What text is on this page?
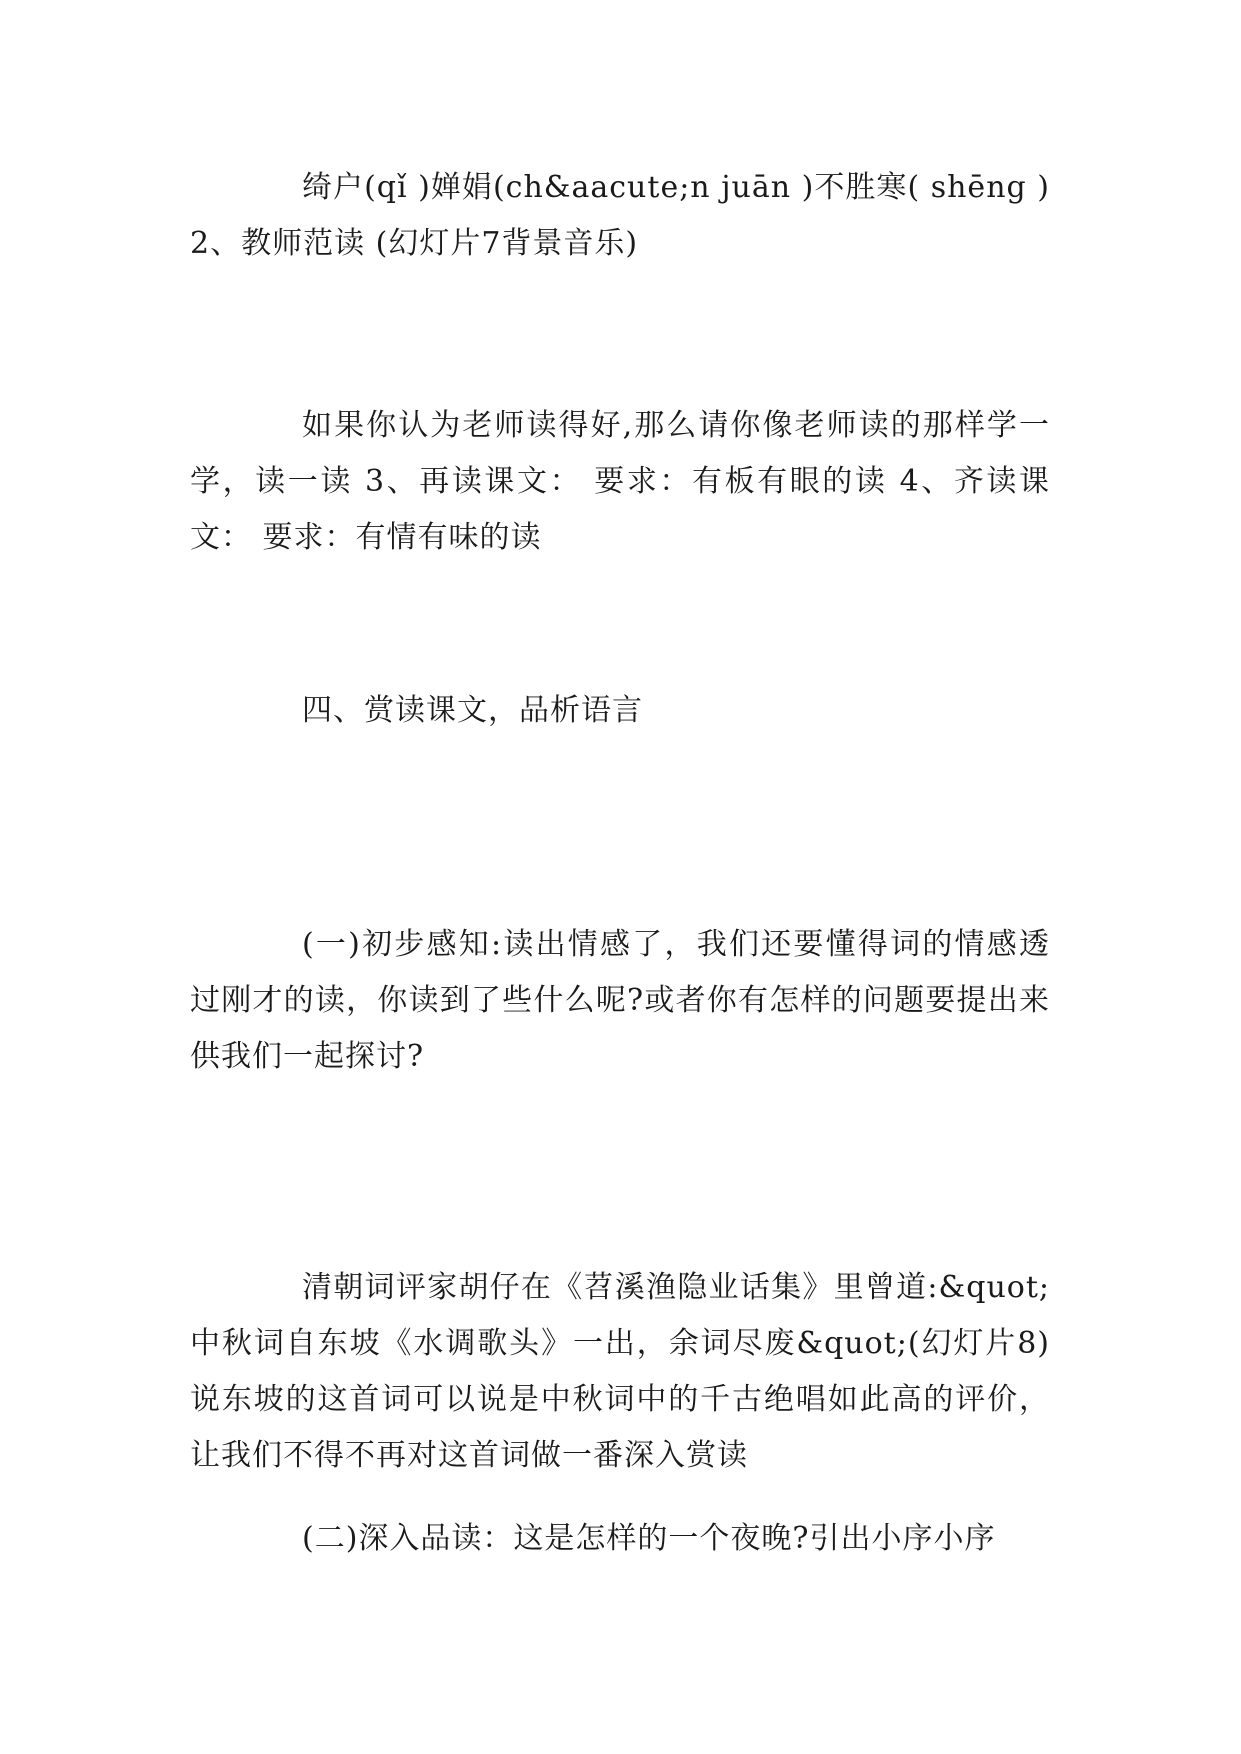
绮户(qǐ )婵娟(ch&aacute;n juān )不胜寒( shēng ) 2、教师范读 (幻灯片7背景音乐)

如果你认为老师读得好,那么请你像老师读的那样学一学，读一读 3、再读课文： 要求：有板有眼的读 4、齐读课文： 要求：有情有味的读

四、赏读课文，品析语言

(一)初步感知:读出情感了，我们还要懂得词的情感透过刚才的读，你读到了些什么呢?或者你有怎样的问题要提出来供我们一起探讨?

清朝词评家胡仔在《苕溪渔隐业话集》里曾道:&quot;中秋词自东坡《水调歌头》一出，余词尽废&quot;(幻灯片8)说东坡的这首词可以说是中秋词中的千古绝唱如此高的评价，让我们不得不再对这首词做一番深入赏读

(二)深入品读：这是怎样的一个夜晚?引出小序小序
